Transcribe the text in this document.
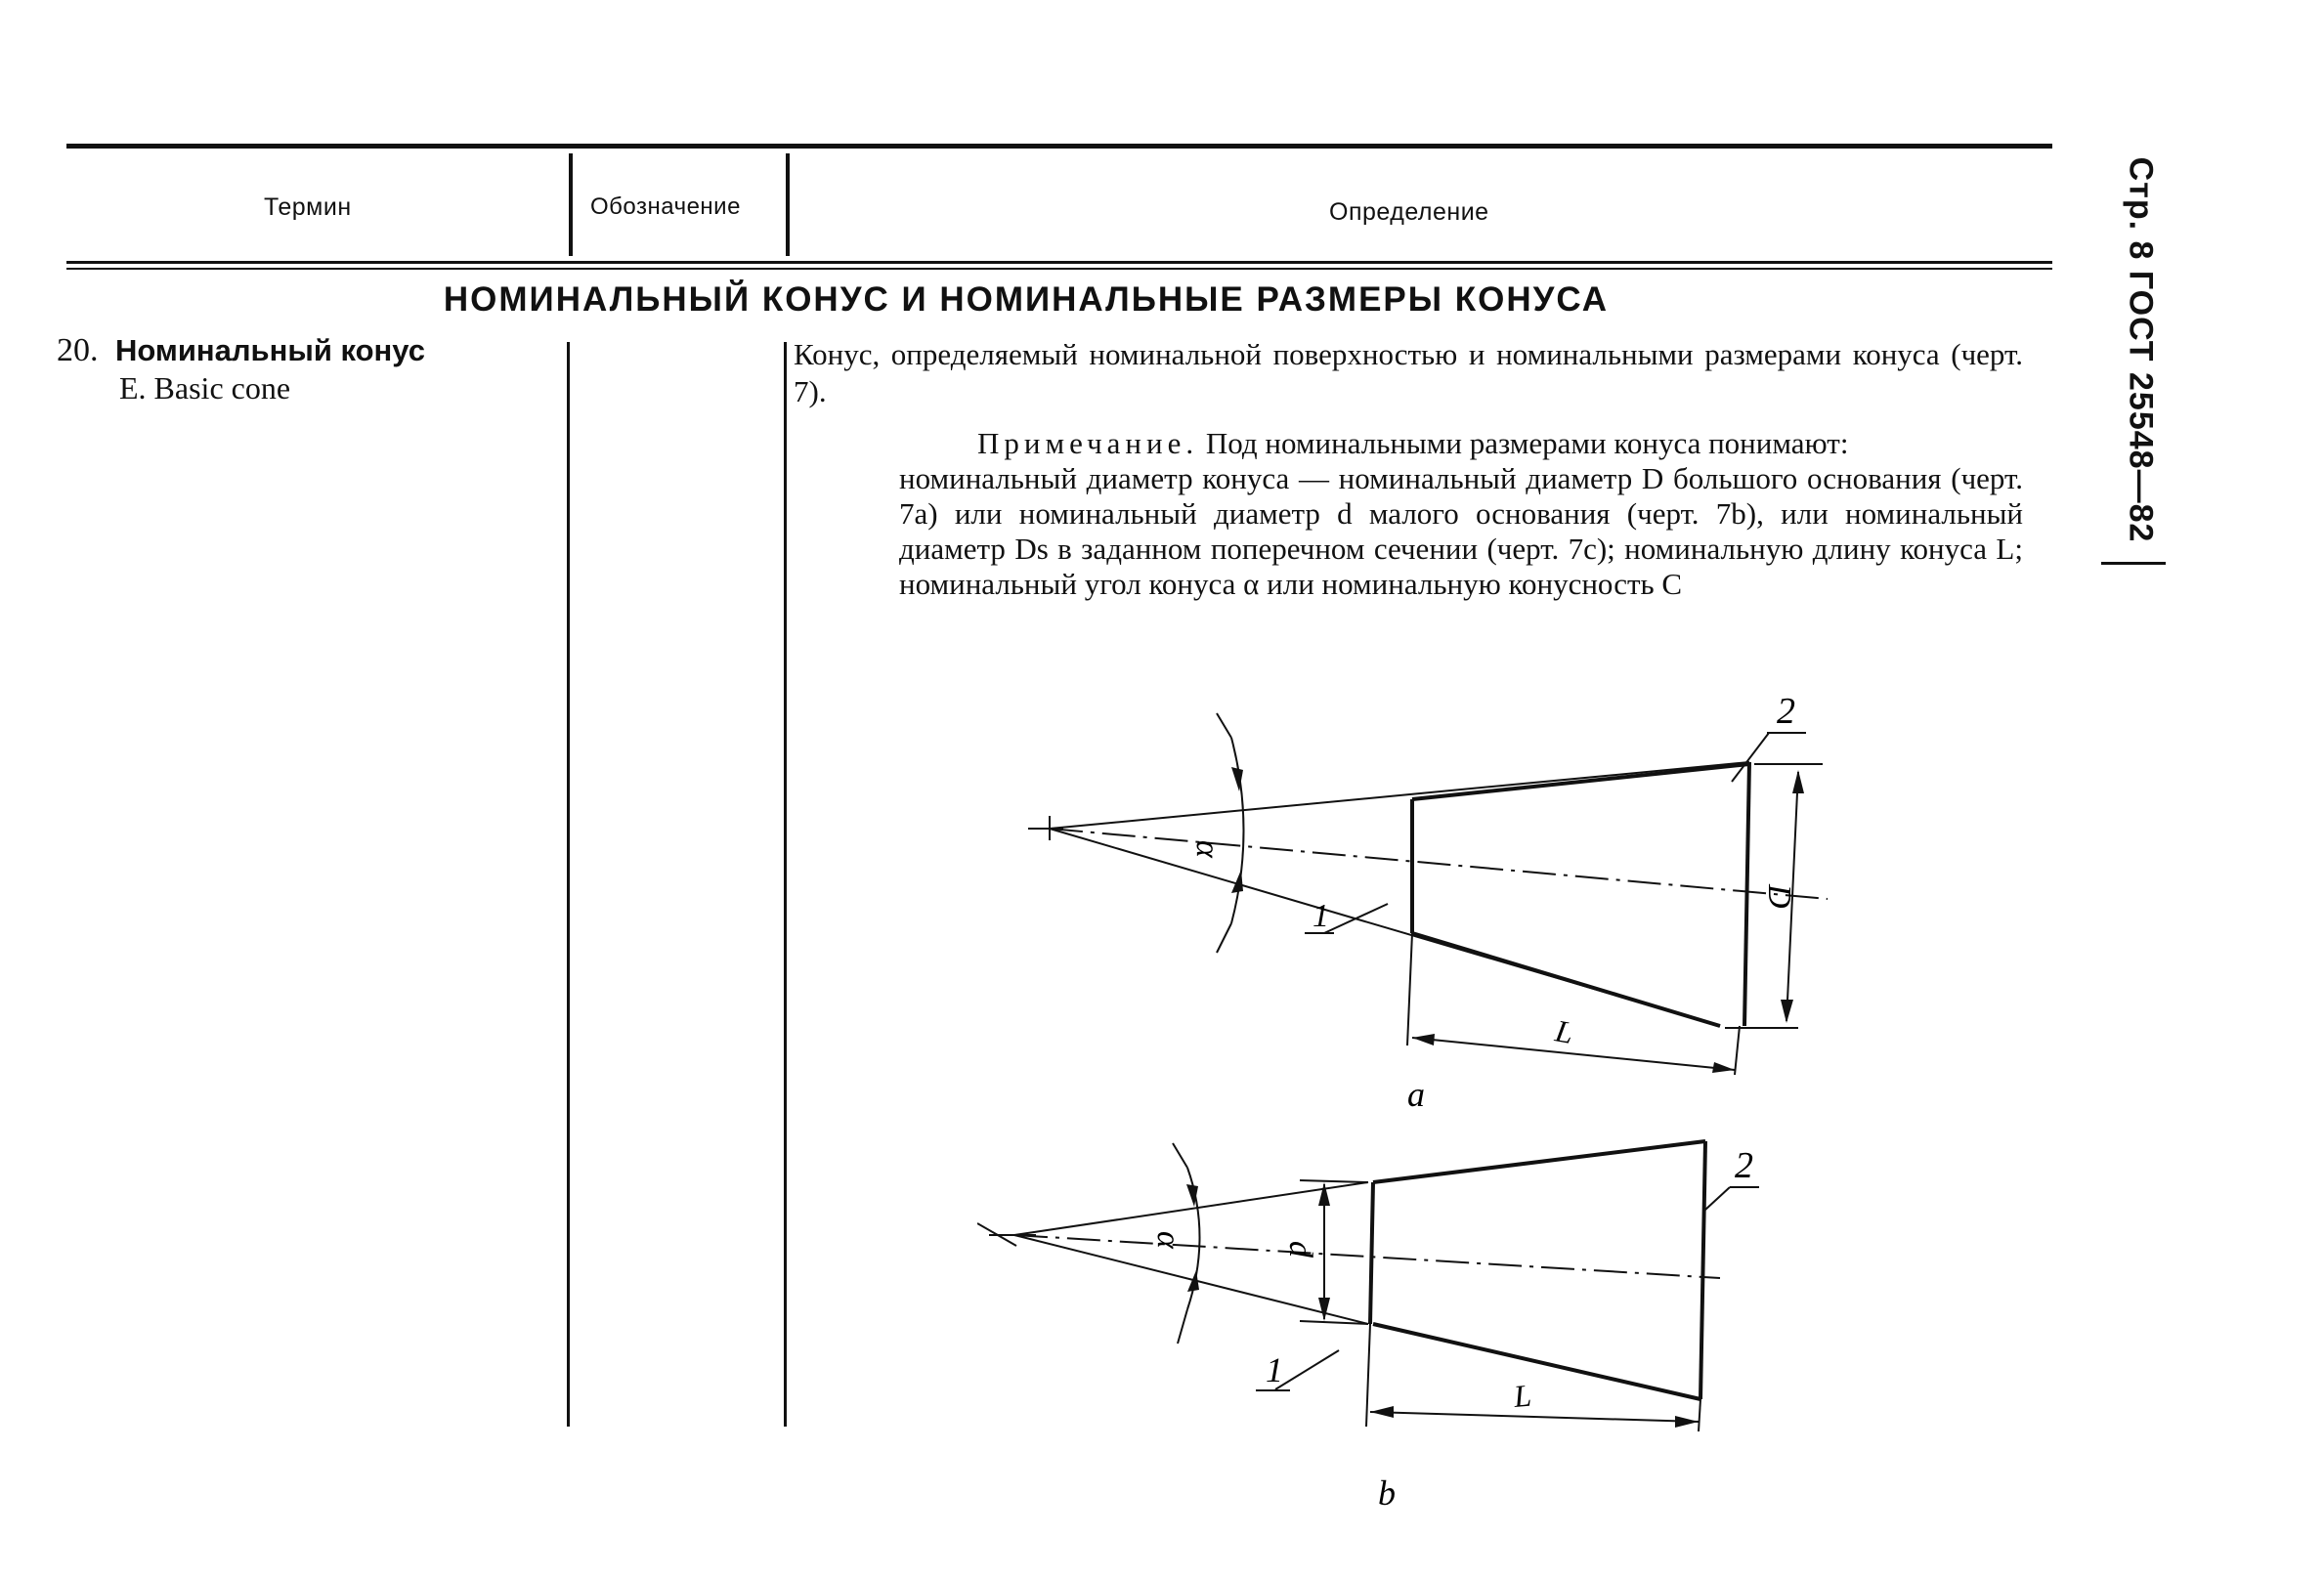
Термин	Обозначение	Определение
НОМИНАЛЬНЫЙ КОНУС И НОМИНАЛЬНЫЕ РАЗМЕРЫ КОНУСА
20. Номинальный конус
E. Basic cone

Конус, определяемый номинальной поверхностью и номинальными размерами конуса (черт. 7).

Примечание. Под номинальными размерами конуса понимают:

номинальный диаметр конуса — номинальный диаметр D большого основания (черт. 7a) или номинальный диаметр d малого основания (черт. 7b), или номинальный диаметр Ds в заданном поперечном сечении (черт. 7c); номинальную длину конуса L; номинальный угол конуса α или номинальную конусность C

Стр. 8 ГОСТ 25548—82
D
L
α
1
2
a
d
L
α
1
2
b
